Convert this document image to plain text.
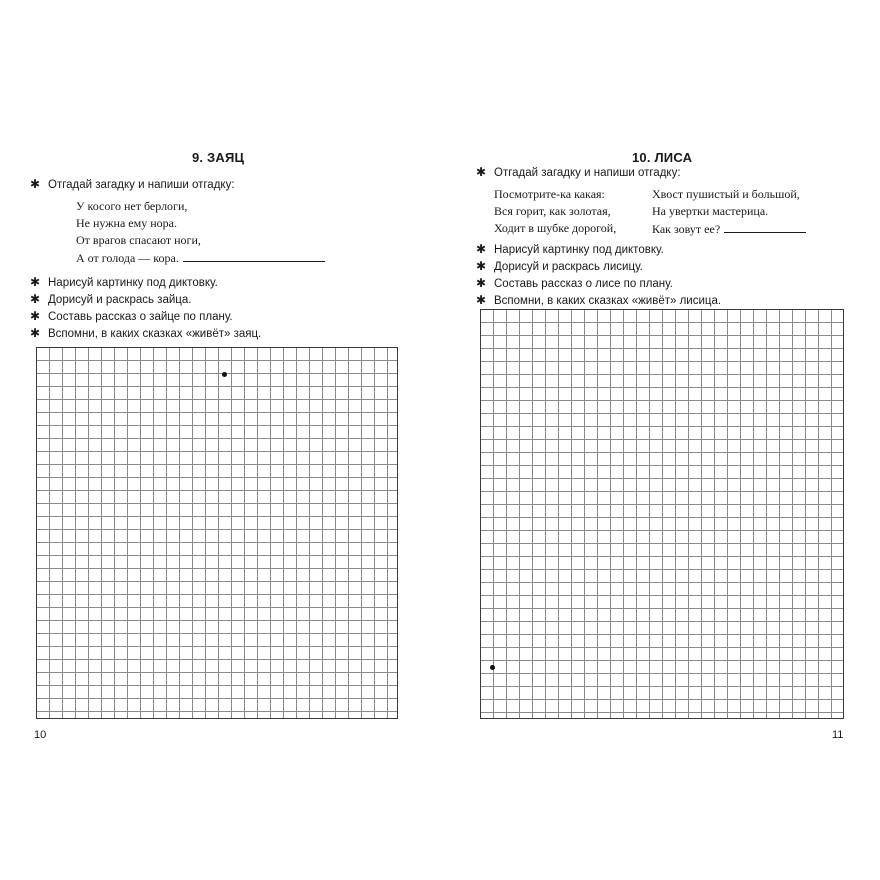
9. ЗАЯЦ
✱ Отгадай загадку и напиши отгадку:
У косого нет берлоги,
Не нужна ему нора.
От врагов спасают ноги,
А от голода — кора.
✱ Нарисуй картинку под диктовку.
✱ Дорисуй и раскрась зайца.
✱ Составь рассказ о зайце по плану.
✱ Вспомни, в каких сказках «живёт» заяц.
10
10. ЛИСА
✱ Отгадай загадку и напиши отгадку:
Посмотрите-ка какая:
Вся горит, как золотая,
Ходит в шубке дорогой,
Хвост пушистый и большой,
На увертки мастерица.
Как зовут ее?
✱ Нарисуй картинку под диктовку.
✱ Дорисуй и раскрась лисицу.
✱ Составь рассказ о лисе по плану.
✱ Вспомни, в каких сказках «живёт» лисица.
11
